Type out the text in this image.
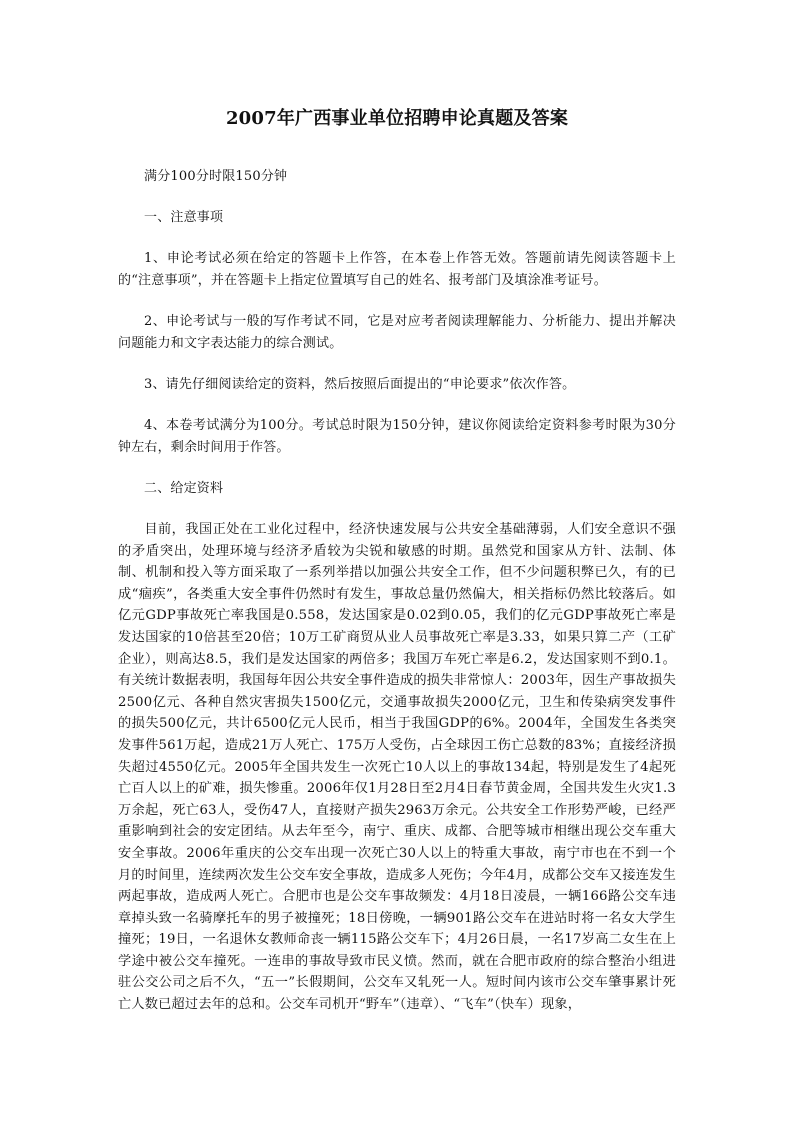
2007年广西事业单位招聘申论真题及答案

满分100分时限150分钟

一、注意事项

1、申论考试必须在给定的答题卡上作答，在本卷上作答无效。答题前请先阅读答题卡上的“注意事项”，并在答题卡上指定位置填写自己的姓名、报考部门及填涂准考证号。

2、申论考试与一般的写作考试不同，它是对应考者阅读理解能力、分析能力、提出并解决问题能力和文字表达能力的综合测试。

3、请先仔细阅读给定的资料，然后按照后面提出的“申论要求”依次作答。

4、本卷考试满分为100分。考试总时限为150分钟，建议你阅读给定资料参考时限为30分钟左右，剩余时间用于作答。

二、给定资料

目前，我国正处在工业化过程中，经济快速发展与公共安全基础薄弱，人们安全意识不强的矛盾突出，处理环境与经济矛盾较为尖锐和敏感的时期。虽然党和国家从方针、法制、体制、机制和投入等方面采取了一系列举措以加强公共安全工作，但不少问题积弊已久，有的已成“痼疾”，各类重大安全事件仍然时有发生，事故总量仍然偏大，相关指标仍然比较落后。如亿元GDP事故死亡率我国是0.558，发达国家是0.02到0.05，我们的亿元GDP事故死亡率是发达国家的10倍甚至20倍；10万工矿商贸从业人员事故死亡率是3.33，如果只算二产（工矿企业），则高达8.5，我们是发达国家的两倍多；我国万车死亡率是6.2，发达国家则不到0.1。有关统计数据表明，我国每年因公共安全事件造成的损失非常惊人：2003年，因生产事故损失2500亿元、各种自然灾害损失1500亿元，交通事故损失2000亿元，卫生和传染病突发事件的损失500亿元，共计6500亿元人民币，相当于我国GDP的6%。2004年，全国发生各类突发事件561万起，造成21万人死亡、175万人受伤，占全球因工伤亡总数的83%；直接经济损失超过4550亿元。2005年全国共发生一次死亡10人以上的事故134起，特别是发生了4起死亡百人以上的矿难，损失惨重。2006年仅1月28日至2月4日春节黄金周，全国共发生火灾1.3万余起，死亡63人，受伤47人，直接财产损失2963万余元。公共安全工作形势严峻，已经严重影响到社会的安定团结。从去年至今，南宁、重庆、成都、合肥等城市相继出现公交车重大安全事故。2006年重庆的公交车出现一次死亡30人以上的特重大事故，南宁市也在不到一个月的时间里，连续两次发生公交车安全事故，造成多人死伤；今年4月，成都公交车又接连发生两起事故，造成两人死亡。合肥市也是公交车事故频发：4月18日凌晨，一辆166路公交车违章掉头致一名骑摩托车的男子被撞死；18日傍晚，一辆901路公交车在进站时将一名女大学生撞死；19日，一名退休女教师命丧一辆115路公交车下；4月26日晨，一名17岁高二女生在上学途中被公交车撞死。一连串的事故导致市民义愤。然而，就在合肥市政府的综合整治小组进驻公交公司之后不久，“五一”长假期间，公交车又轧死一人。短时间内该市公交车肇事累计死亡人数已超过去年的总和。公交车司机开“野车”（违章）、“飞车”（快车）现象，
